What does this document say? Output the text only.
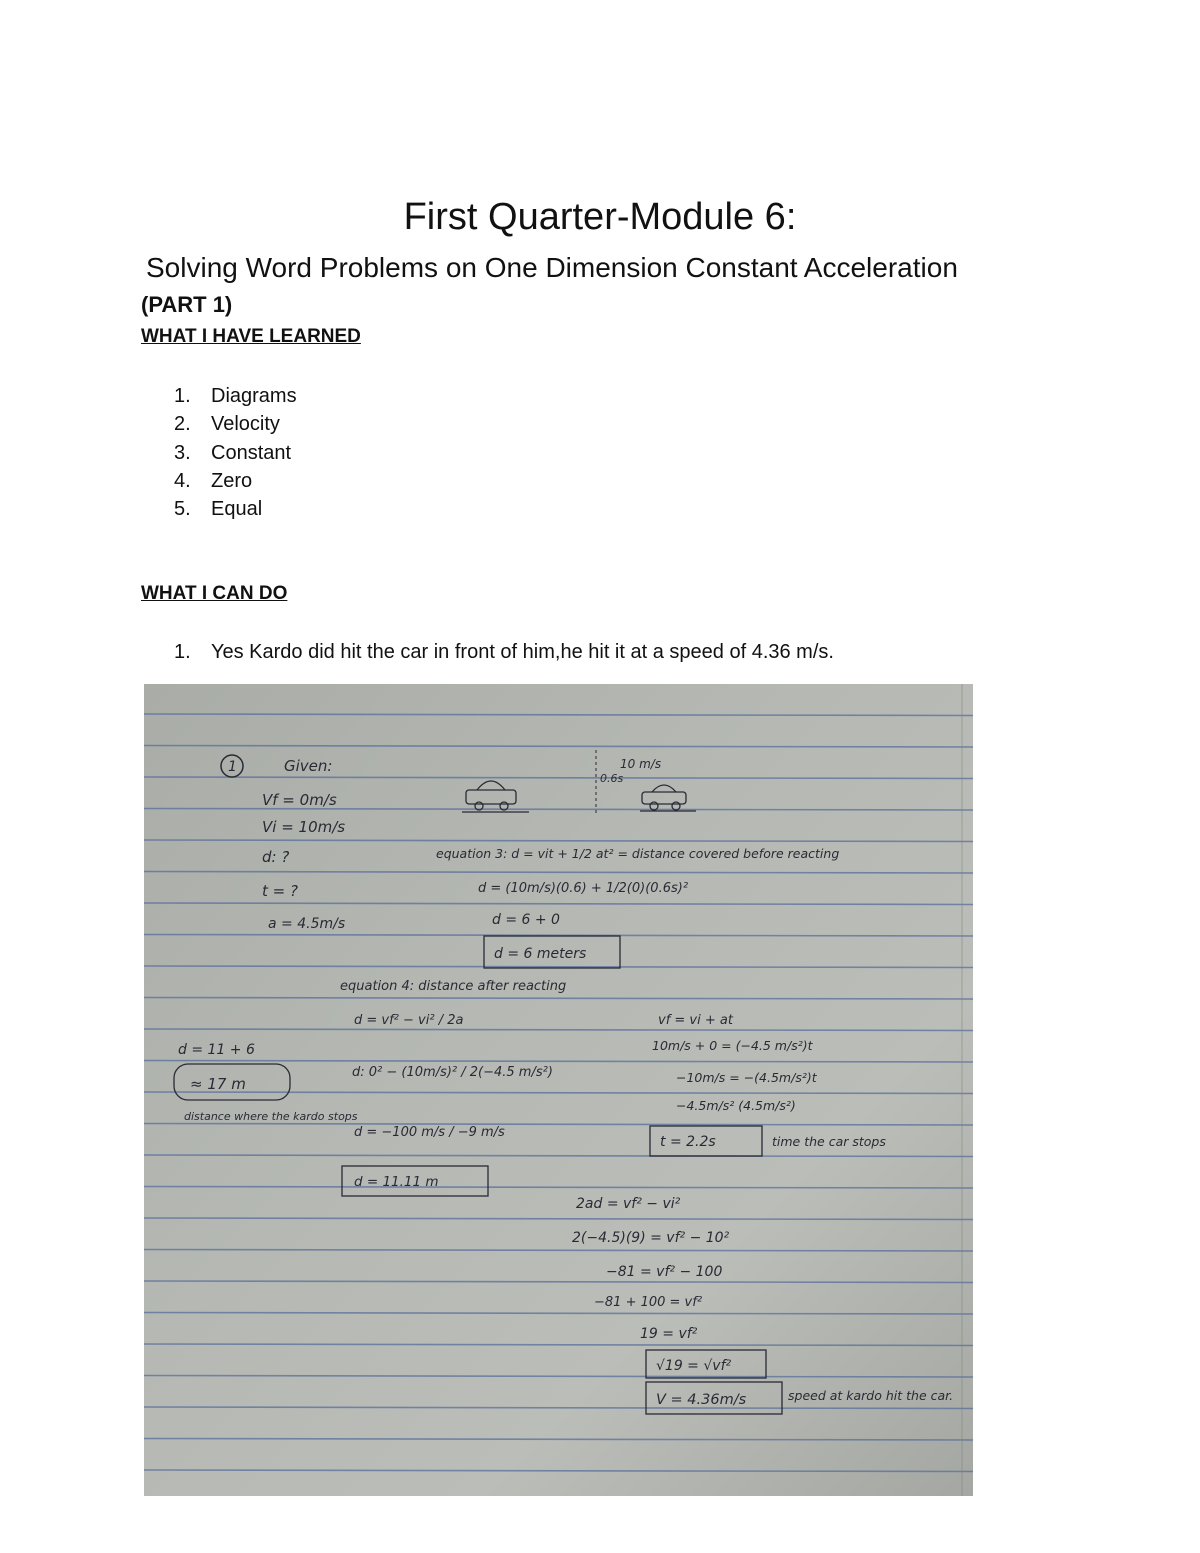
First Quarter-Module 6:
Solving Word Problems on One Dimension Constant Acceleration
(PART 1)
WHAT I HAVE LEARNED
1. Diagrams
2. Velocity
3. Constant
4. Zero
5. Equal
WHAT I CAN DO
1. Yes Kardo did hit the car in front of him,he hit it at a speed of 4.36 m/s.
1	Given:
Vf = 0m/s
Vi = 10m/s
d: ?
t = ?
a = 4.5m/s
0.6s
10 m/s
equation 3: d = vit + 1/2 at² = distance covered before reacting
d = (10m/s)(0.6) + 1/2(0)(0.6s)²
d = 6 + 0
d = 6 meters
equation 4: distance after reacting
d = vf² − vi² / 2a
d: 0² − (10m/s)² / 2(−4.5 m/s²)
d = −100 m/s / −9 m/s
d = 11.11 m
d = 11 + 6
≈ 17 m
distance where the kardo stops
vf = vi + at
10m/s + 0 = (−4.5 m/s²)t
−10m/s = −(4.5m/s²)t
−4.5m/s² (4.5m/s²)
t = 2.2s	time the car stops
2ad = vf² − vi²
2(−4.5)(9) = vf² − 10²
−81 = vf² − 100
−81 + 100 = vf²
19 = vf²
√19 = √vf²
V = 4.36m/s	speed at kardo hit the car.
